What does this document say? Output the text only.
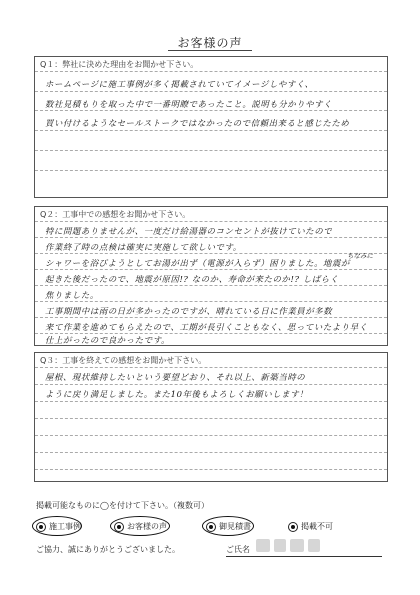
お客様の声
Q１：弊社に決めた理由をお聞かせ下さい。
ホームページに施工事例が多く掲載されていてイメージしやすく、
数社見積もりを取った中で一番明瞭であったこと。説明も分かりやすく
買い付けるようなセールストークではなかったので信頼出来ると感じたため
Q２：工事中での感想をお聞かせ下さい。
特に問題ありませんが、一度だけ給湯器のコンセントが抜けていたので
作業終了時の点検は確実に実施して欲しいです。
シャワーを浴びようとしてお湯が出ず（電源が入らず）困りました。地震が
ちなみに
起きた後だったので、地震が原因!? なのか、寿命が来たのか!? しばらく
焦りました。
工事期間中は雨の日が多かったのですが、晴れている日に作業員が多数
来て作業を進めてもらえたので、工期が長引くこともなく、思っていたより早く
仕上がったので良かったです。
Q３：工事を終えての感想をお聞かせ下さい。
屋根、現状維持したいという要望どおり、それ以上、新築当時の
ように戻り満足しました。また10年後もよろしくお願いします！
掲載可能なものに◯を付けて下さい。（複数可）
施工事例	お客様の声	御見積書	掲載不可
ご協力、誠にありがとうございました。	ご氏名
